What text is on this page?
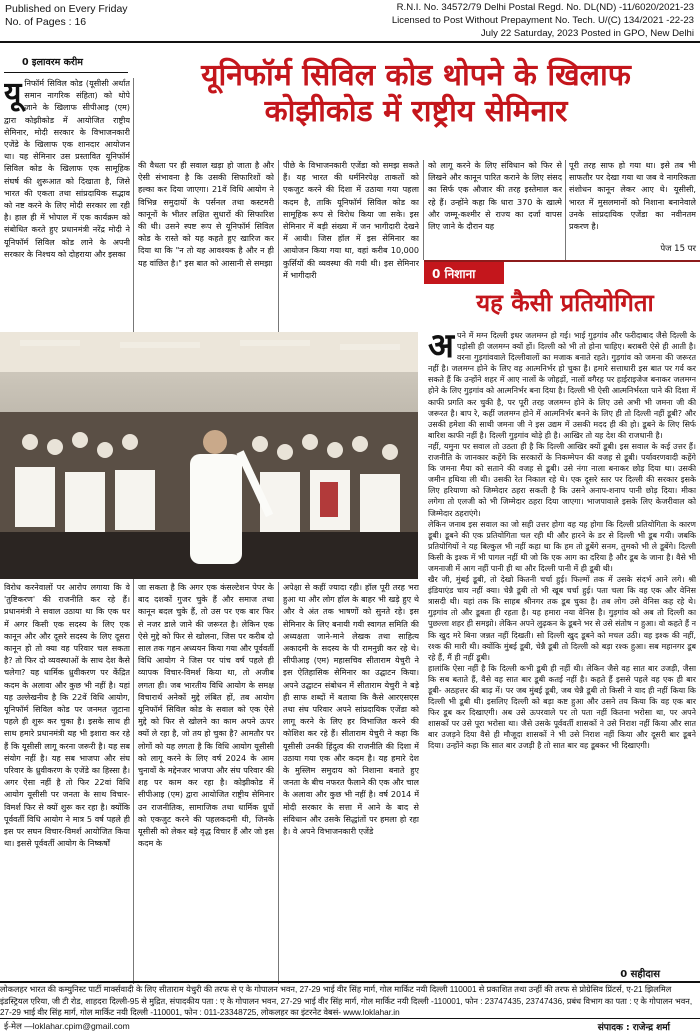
Published on Every Friday
No. of Pages : 16
R.N.I. No. 34572/79 Delhi Postal Regd. No. DL(ND) -11/6020/2021-23
Licensed to Post Without Prepayment No. Tech. U/(C) 134/2021 -22-23
July 22 Saturday, 2023 Posted in GPO, New Delhi
0 इलावरम करीम	यूनिफॉर्म सिविल कोड थोपने के खिलाफ
कोझीकोड में राष्ट्रीय सेमिनार
यूनिफॉर्म सिविल कोड (यूसीसी अर्थात समान नागरिक संहिता) को थोपे जाने के खिलाफ सीपीआइ (एम) द्वारा कोझीकोड में आयोजित राष्ट्रीय सेमिनार, मोदी सरकार के विभाजनकारी एजेंडे के खिलाफ एक शानदार आयोजन था। यह सेमिनार उस प्रस्तावित यूनिफॉर्म सिविल कोड के खिलाफ एक सामूहिक संघर्ष की शुरूआत को दिखाता है, जिसे भारत की एकता तथा सांप्रदायिक सद्भाव को नष्ट करने के लिए मोदी सरकार ला रही है। हाल ही में भोपाल में एक कार्यक्रम को संबोधित करते हुए प्रधानमंत्री नरेंद्र मोदी ने यूनिफॉर्म सिविल कोड लाने के अपनी सरकार के निश्चय को दोहराया और इसका
की वैधता पर ही सवाल खड़ा हो जाता है और ऐसी संभावना है कि उसकी सिफारिशों को हल्का कर दिया जाएगा। 21वें विधि आयोग ने विभिन्न समुदायों के पर्सनल तथा कस्टमरी कानूनों के भीतर लक्षित सुधारों की सिफारिश की थी। उसने स्पष्ट रूप से यूनिफॉर्म सिविल कोड के रास्ते को यह कहते हुए खारिज कर दिया था कि "न तो यह आवश्यक है और न ही यह वांछित है।" इस बात को आसानी से समझा
पीछे के विभाजनकारी एजेंडा को समझ सकते हैं। यह भारत की धर्मनिरपेक्ष ताकतों को एकजुट करने की दिशा में उठाया गया पहला कदम है, ताकि यूनिफॉर्म सिविल कोड का सामूहिक रूप से विरोध किया जा सके। इस सेमिनार में बड़ी संख्या में जन भागीदारी देखने में आयी। जिस हॉल में इस सेमिनार का आयोजन किया गया था, वहां करीब 10,000 कुर्सियों की व्यवस्था की गयी थी। इस सेमिनार में भागीदारी
को लागू करने के लिए संविधान को फिर से लिखने और कानून पारित कराने के लिए संसद का सिर्फ एक औजार की तरह इस्तेमाल कर रहे हैं। उन्होंने कहा कि धारा 370 के खात्मे और जम्मू-कश्मीर से राज्य का दर्जा वापस लिए जाने के दौरान यह
पूरी तरह साफ हो गया था। इसे तब भी साफतौर पर देखा गया था जब वे नागरिकता संशोधन कानून लेकर आए थे। यूसीसी, भारत में मुसलमानों को निशाना बनानेवाले उनके सांप्रदायिक एजेंडा का नवीनतम प्रकरण है।
पेज 15 पर
विरोध करनेवालों पर आरोप लगाया कि वे 'तुष्टिकरण' की राजनीति कर रहे हैं। प्रधानमंत्री ने सवाल उठाया था कि एक घर में अगर किसी एक सदस्य के लिए एक कानून और और दूसरे सदस्य के लिए दूसरा कानून हो तो क्या वह परिवार चल सकता है? तो फिर दो व्यवस्थाओं के साथ देश कैसे चलेगा? यह धार्मिक ध्रुवीकरण पर केंद्रित कदम के अलावा और कुछ भी नहीं है। यहां यह उल्लेखनीय है कि 22वें विधि आयोग, यूनिफॉर्म सिविल कोड पर जनमत जुटाना पहले ही शुरू कर चुका है। इसके साथ ही साथ हमारे प्रधानमंत्री यह भी इशारा कर रहे हैं कि यूसीसी लागू करना जरूरी है। यह सब संयोग नहीं है। यह सब भाजपा और संघ परिवार के ध्रुवीकरण के एजेंडे का हिस्सा है। अगर ऐसा नहीं है तो फिर 22वां विधि आयोग यूसीसी पर जनता के साथ विचार-विमर्श फिर से क्यों शुरू कर रहा है। क्योंकि पूर्ववर्ती विधि आयोग ने मात्र 5 वर्ष पहले ही इस पर सघन विचार-विमर्श आयोजित किया था। इससे पूर्ववर्ती आयोग के निष्कर्षों
जा सकता है कि अगर एक कंसल्टेशन पेपर के बाद दशकों गुजर चुके हैं और समाज तथा कानून बदल चुके हैं, तो उस पर एक बार फिर से नजर डाले जाने की जरूरत है। लेकिन एक ऐसे मुद्दे को फिर से खोलना, जिस पर करीब दो साल तक गहन अध्ययन किया गया और पूर्ववर्ती विधि आयोग ने जिस पर पांच वर्ष पहले ही व्यापक विचार-विमर्श किया था, तो अजीब लगता ही। जब भारतीय विधि आयोग के समक्ष विचारार्थ अनेकों मुद्दे लंबित हों, तब आयोग यूनिफॉर्म सिविल कोड के सवाल को एक ऐसे मुद्दे को फिर से खोलने का काम अपने ऊपर क्यों ले रहा है, जो तय हो चुका है? आमतौर पर लोगों को यह लगता है कि विधि आयोग यूसीसी को लागू करने के लिए वर्ष 2024 के आम चुनावों के मद्देनजर भाजपा और संघ परिवार की शह पर काम कर रहा है। कोझीकोड में सीपीआइ (एम) द्वारा आयोजित राष्ट्रीय सेमिनार उन राजनीतिक, सामाजिक तथा धार्मिक ग्रुपों को एकजुट करने की पहलकदमी थी, जिनके यूसीसी को लेकर बड़े वृद्ध विचार हैं और जो इस कदम के
अपेक्षा से कहीं ज्यादा रही। हॉल पूरी तरह भरा हुआ था और लोग हॉल के बाहर भी खड़े हुए थे और वे अंत तक भाषणों को सुनते रहे। इस सेमिनार के लिए बनायी गयी स्वागत समिति की अध्यक्षता जाने-माने लेखक तथा साहित्य अकादमी के सदस्य के पी रामनुन्नी कर रहे थे। सीपीआइ (एम) महासचिव सीताराम येचुरी ने इस ऐतिहासिक सेमिनार का उद्घाटन किया। अपने उद्घाटन संबोधन में सीताराम येचुरी ने बड़े ही साफ शब्दों में बताया कि कैसे आरएसएस तथा संघ परिवार अपने सांप्रदायिक एजेंडा को लागू करने के लिए हर विभाजित करने की कोशिश कर रहे हैं। सीताराम येचुरी ने कहा कि यूसीसी उनकी हिंदुत्व की राजनीति की दिशा में उठाया गया एक और कदम है। यह हमारे देश के मुस्लिम समुदाय को निशाना बनाते हुए जनता के बीच नफरत फैलाने की एक और चाल के अलावा और कुछ भी नहीं है। वर्ष 2014 में मोदी सरकार के सत्ता में आने के बाद से संविधान और उसके सिद्धांतों पर हमला हो रहा है। वे अपने विभाजनकारी एजेंडे
0 निशाना
यह कैसी प्रतियोगिता

अपने में मग्न दिल्ली इधर जलमग्न हो गई। भाई गुड़गांव और फरीदाबाद जैसे दिल्ली के पड़ोसी ही जलमग्न क्यों हों। दिल्ली को भी तो होना चाहिए। बराबरी ऐसे ही आती है। वरना गुड़गांववाले दिल्लीवालों का मजाक बनाते रहते। गुड़गांव को जमना की जरूरत नहीं है। जलमग्न होने के लिए वह आत्मनिर्भर हो चुका है। हमारे सत्ताधारी इस बात पर गर्व कर सकते हैं कि उन्होंने शहर में आए नालों के जोहड़ों, नालों वगैरह पर हाईराइजेज बनाकर जलमग्न होने के लिए गुड़गांव को आत्मनिर्भर बना दिया है। दिल्ली भी ऐसी आत्मनिर्भरता पाने की दिशा में काफी प्रगति कर चुकी है, पर पूरी तरह जलमग्न होने के लिए उसे अभी भी जमना जी की जरूरत है। बाप रे, कहीं जलमग्न होने में आत्मनिर्भर बनने के लिए ही तो दिल्ली नहीं डूबी? और उसकी हमेशा की साथी जमना जी ने इस उद्यम में उसकी मदद ही की हो। डूबने के लिए सिर्फ बारिश काफी नहीं है। दिल्ली गुड़गांव थोड़े ही है। आखिर तो यह देश की राजधानी है।

नहीं, यमुना पर सवाल तो उठता ही है कि दिल्ली आखिर क्यों डूबी। इस सवाल के कई उत्तर हैं। राजनीति के जानकार कहेंगे कि सरकारों के निकम्मेपन की वजह से डूबी। पर्यावरणवादी कहेंगे कि जमना मैया को सताने की वजह से डूबी। उसे नंगा नाला बनाकर छोड़ दिया था। उसकी जमीन हथिया ली थी। उसकी रेत निकाल रहे थे। एक दूसरे स्तर पर दिल्ली की सरकार इसके लिए हरियाणा को जिम्मेदार ठहरा सकती है कि उसने अनाप-शनाप पानी छोड़ दिया। मीका लगेगा तो एलजी को भी जिम्मेदार ठहरा दिया जाएगा। भाजपावाले इसके लिए केजरीवाल को जिम्मेदार ठहराएंगे।

लेकिन जनाब इस सवाल का जो सही उत्तर होगा वह यह होगा कि दिल्ली प्रतियोगिता के कारण डूबी। डूबने की एक प्रतियोगिता चल रही थी और हारने के डर से दिल्ली भी डूब गयी। जबकि प्रतियोगियों ने यह बिल्कुल भी नहीं कहा था कि हम तो डूबेंगे सनम, तुमको भी ले डूबेंगे। दिल्ली किसी के इश्क में भी पागल नहीं थी जो कि एक आग का दरिया है और डूब के जाना है। वैसे भी जमनाजी में आग नहीं पानी ही था और दिल्ली पानी में ही डूबी थी।

खैर जी, मुंबई डूबी, तो देखो कितनी चर्चा हुई। फिल्मों तक में उसके संदर्भ आने लगे। श्री इंडियाएंड चाय नहीं क्या। चेन्नै डूबी तो भी खूब चर्चा हुई। पता चला कि वह एक और वेनिस त्रासदी थी। यहां तक कि साहब श्रीनगर तक डूब चुका है। तब लोग उसे वेनिस कह रहे थे। गुड़गांव तो और डूबता ही रहता है। यह हमारा नया वेनिस है। गुड़गांव को अब तो दिल्ली का पुछल्ला शहर ही समझो। लेकिन अपने लुढ़कन के डूबने भर से उसे संतोष न हुआ। वो कहते हैं न कि खुद मरे बिना जन्नत नहीं दिखती। सो दिल्ली खुद डूबने को मचल उठी। वह इश्क की नहीं, रश्क की मारी थी। क्योंकि मुंबई डूबी, चेन्नै डूबी तो दिल्ली को बड़ा रश्क हुआ। सब महानगर डूब रहे हैं, मैं ही नहीं डूबी।

हालांकि ऐसा नहीं है कि दिल्ली कभी डूबी ही नहीं थी। लेकिन जैसे वह सात बार उजड़ी, जैसा कि सब बताते हैं, वैसे वह सात बार डूबी कतई नहीं है। कहते हैं इससे पहले वह एक ही बार डूबी- अठहत्तर की बाढ़ में। पर जब मुंबई डूबी, जब चेन्नै डूबी तो किसी ने याद ही नहीं किया कि दिल्ली भी डूबी थी। इसलिए दिल्ली को बड़ा कष्ट हुआ और उसने तय किया कि वह एक बार फिर डूब कर दिखाएगी। अब उसे ऊपरवाले पर तो पता नहीं कितना भरोसा था, पर अपने शासकों पर उसे पूरा भरोसा था। जैसे उसके पूर्ववर्ती शासकों ने उसे निराश नहीं किया और सात बार उजड़ने दिया वैसे ही मौजूदा शासकों ने भी उसे निराश नहीं किया और दूसरी बार डूबने दिया। उन्होंने कहा कि सात बार उजड़ी है तो सात बार वह डूबकर भी दिखाएगी।

0 सहीदास
लोकलहर भारत की कम्युनिस्ट पार्टी मार्क्सवादी के लिए सीताराम येचुरी की तरफ से ए के गोपालन भवन, 27-29 भाई वीर सिंह मार्ग, गोल मार्किट नयी दिल्ली 110001 से प्रकाशित तथा उन्हीं की तरफ से प्रोग्रेसिव प्रिंटर्स, ए-21 झिलमिल इंडस्ट्रियल एरिया, जी टी रोड, शाहदरा दिल्ली-95 से मुद्रित, संपादकीय पता : ए के गोपालन भवन, 27-29 भाई वीर सिंह मार्ग, गोल मार्किट नयी दिल्ली -110001, फोन : 23747435, 23747436, प्रबंध विभाग का पता : ए के गोपालन भवन, 27-29 भाई वीर सिंह मार्ग, गोल मार्किट नयी दिल्ली -110001, फोन : 011-23348725, लोकलहर का इंटरनेट वेबसं- www.loklahar.in
ई-मेल —loklahar.cpim@gmail.com	संपादक : राजेन्द्र शर्मा
